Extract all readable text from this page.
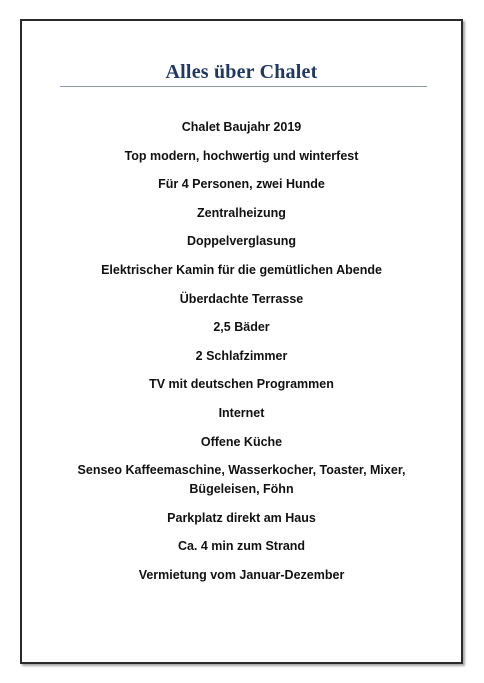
Alles über Chalet
Chalet Baujahr 2019
Top modern, hochwertig und winterfest
Für 4 Personen, zwei Hunde
Zentralheizung
Doppelverglasung
Elektrischer Kamin für die gemütlichen Abende
Überdachte Terrasse
2,5 Bäder
2 Schlafzimmer
TV mit deutschen Programmen
Internet
Offene Küche
Senseo Kaffeemaschine, Wasserkocher, Toaster, Mixer, Bügeleisen, Föhn
Parkplatz direkt am Haus
Ca. 4 min zum Strand
Vermietung vom Januar-Dezember
